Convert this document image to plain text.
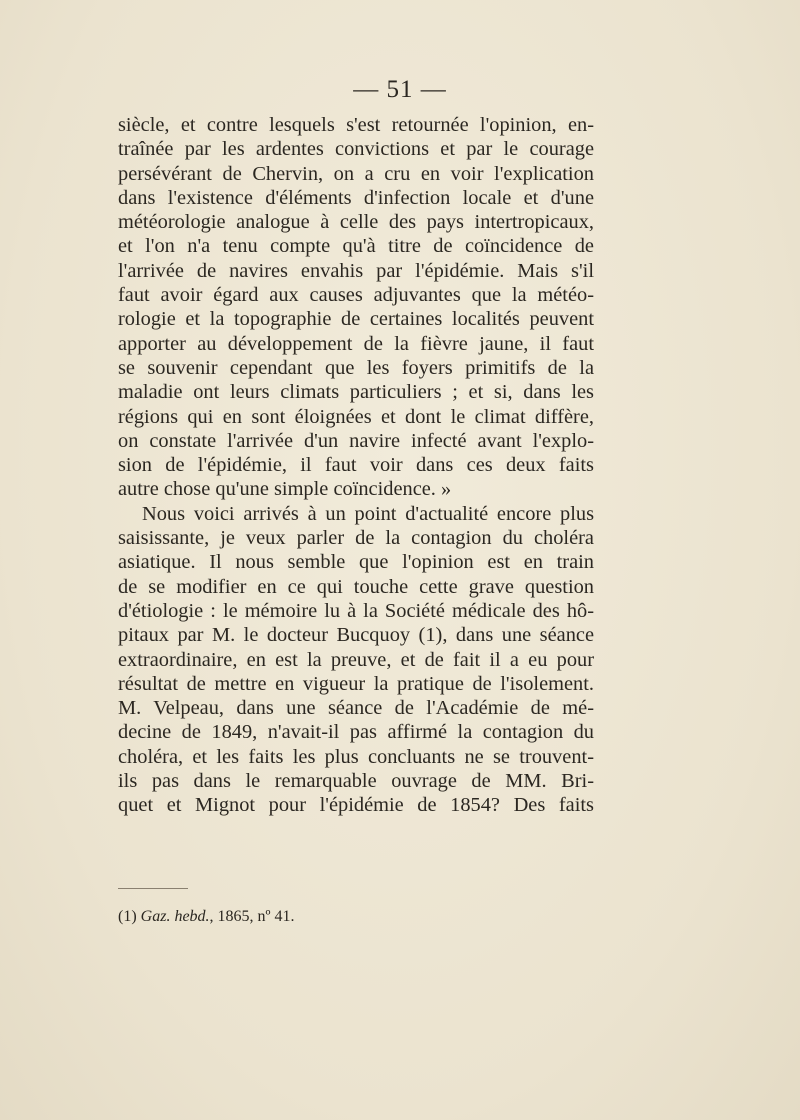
— 51 —
siècle, et contre lesquels s'est retournée l'opinion, en-
traînée par les ardentes convictions et par le courage
persévérant de Chervin, on a cru en voir l'explication
dans l'existence d'éléments d'infection locale et d'une
météorologie analogue à celle des pays intertropicaux,
et l'on n'a tenu compte qu'à titre de coïncidence de
l'arrivée de navires envahis par l'épidémie. Mais s'il
faut avoir égard aux causes adjuvantes que la météo-
rologie et la topographie de certaines localités peuvent
apporter au développement de la fièvre jaune, il faut
se souvenir cependant que les foyers primitifs de la
maladie ont leurs climats particuliers ; et si, dans les
régions qui en sont éloignées et dont le climat diffère,
on constate l'arrivée d'un navire infecté avant l'explo-
sion de l'épidémie, il faut voir dans ces deux faits
autre chose qu'une simple coïncidence. »
Nous voici arrivés à un point d'actualité encore plus
saisissante, je veux parler de la contagion du choléra
asiatique. Il nous semble que l'opinion est en train
de se modifier en ce qui touche cette grave question
d'étiologie : le mémoire lu à la Société médicale des hô-
pitaux par M. le docteur Bucquoy (1), dans une séance
extraordinaire, en est la preuve, et de fait il a eu pour
résultat de mettre en vigueur la pratique de l'isolement.
M. Velpeau, dans une séance de l'Académie de mé-
decine de 1849, n'avait-il pas affirmé la contagion du
choléra, et les faits les plus concluants ne se trouvent-
ils pas dans le remarquable ouvrage de MM. Bri-
quet et Mignot pour l'épidémie de 1854? Des faits
(1) Gaz. hebd., 1865, nº 41.
